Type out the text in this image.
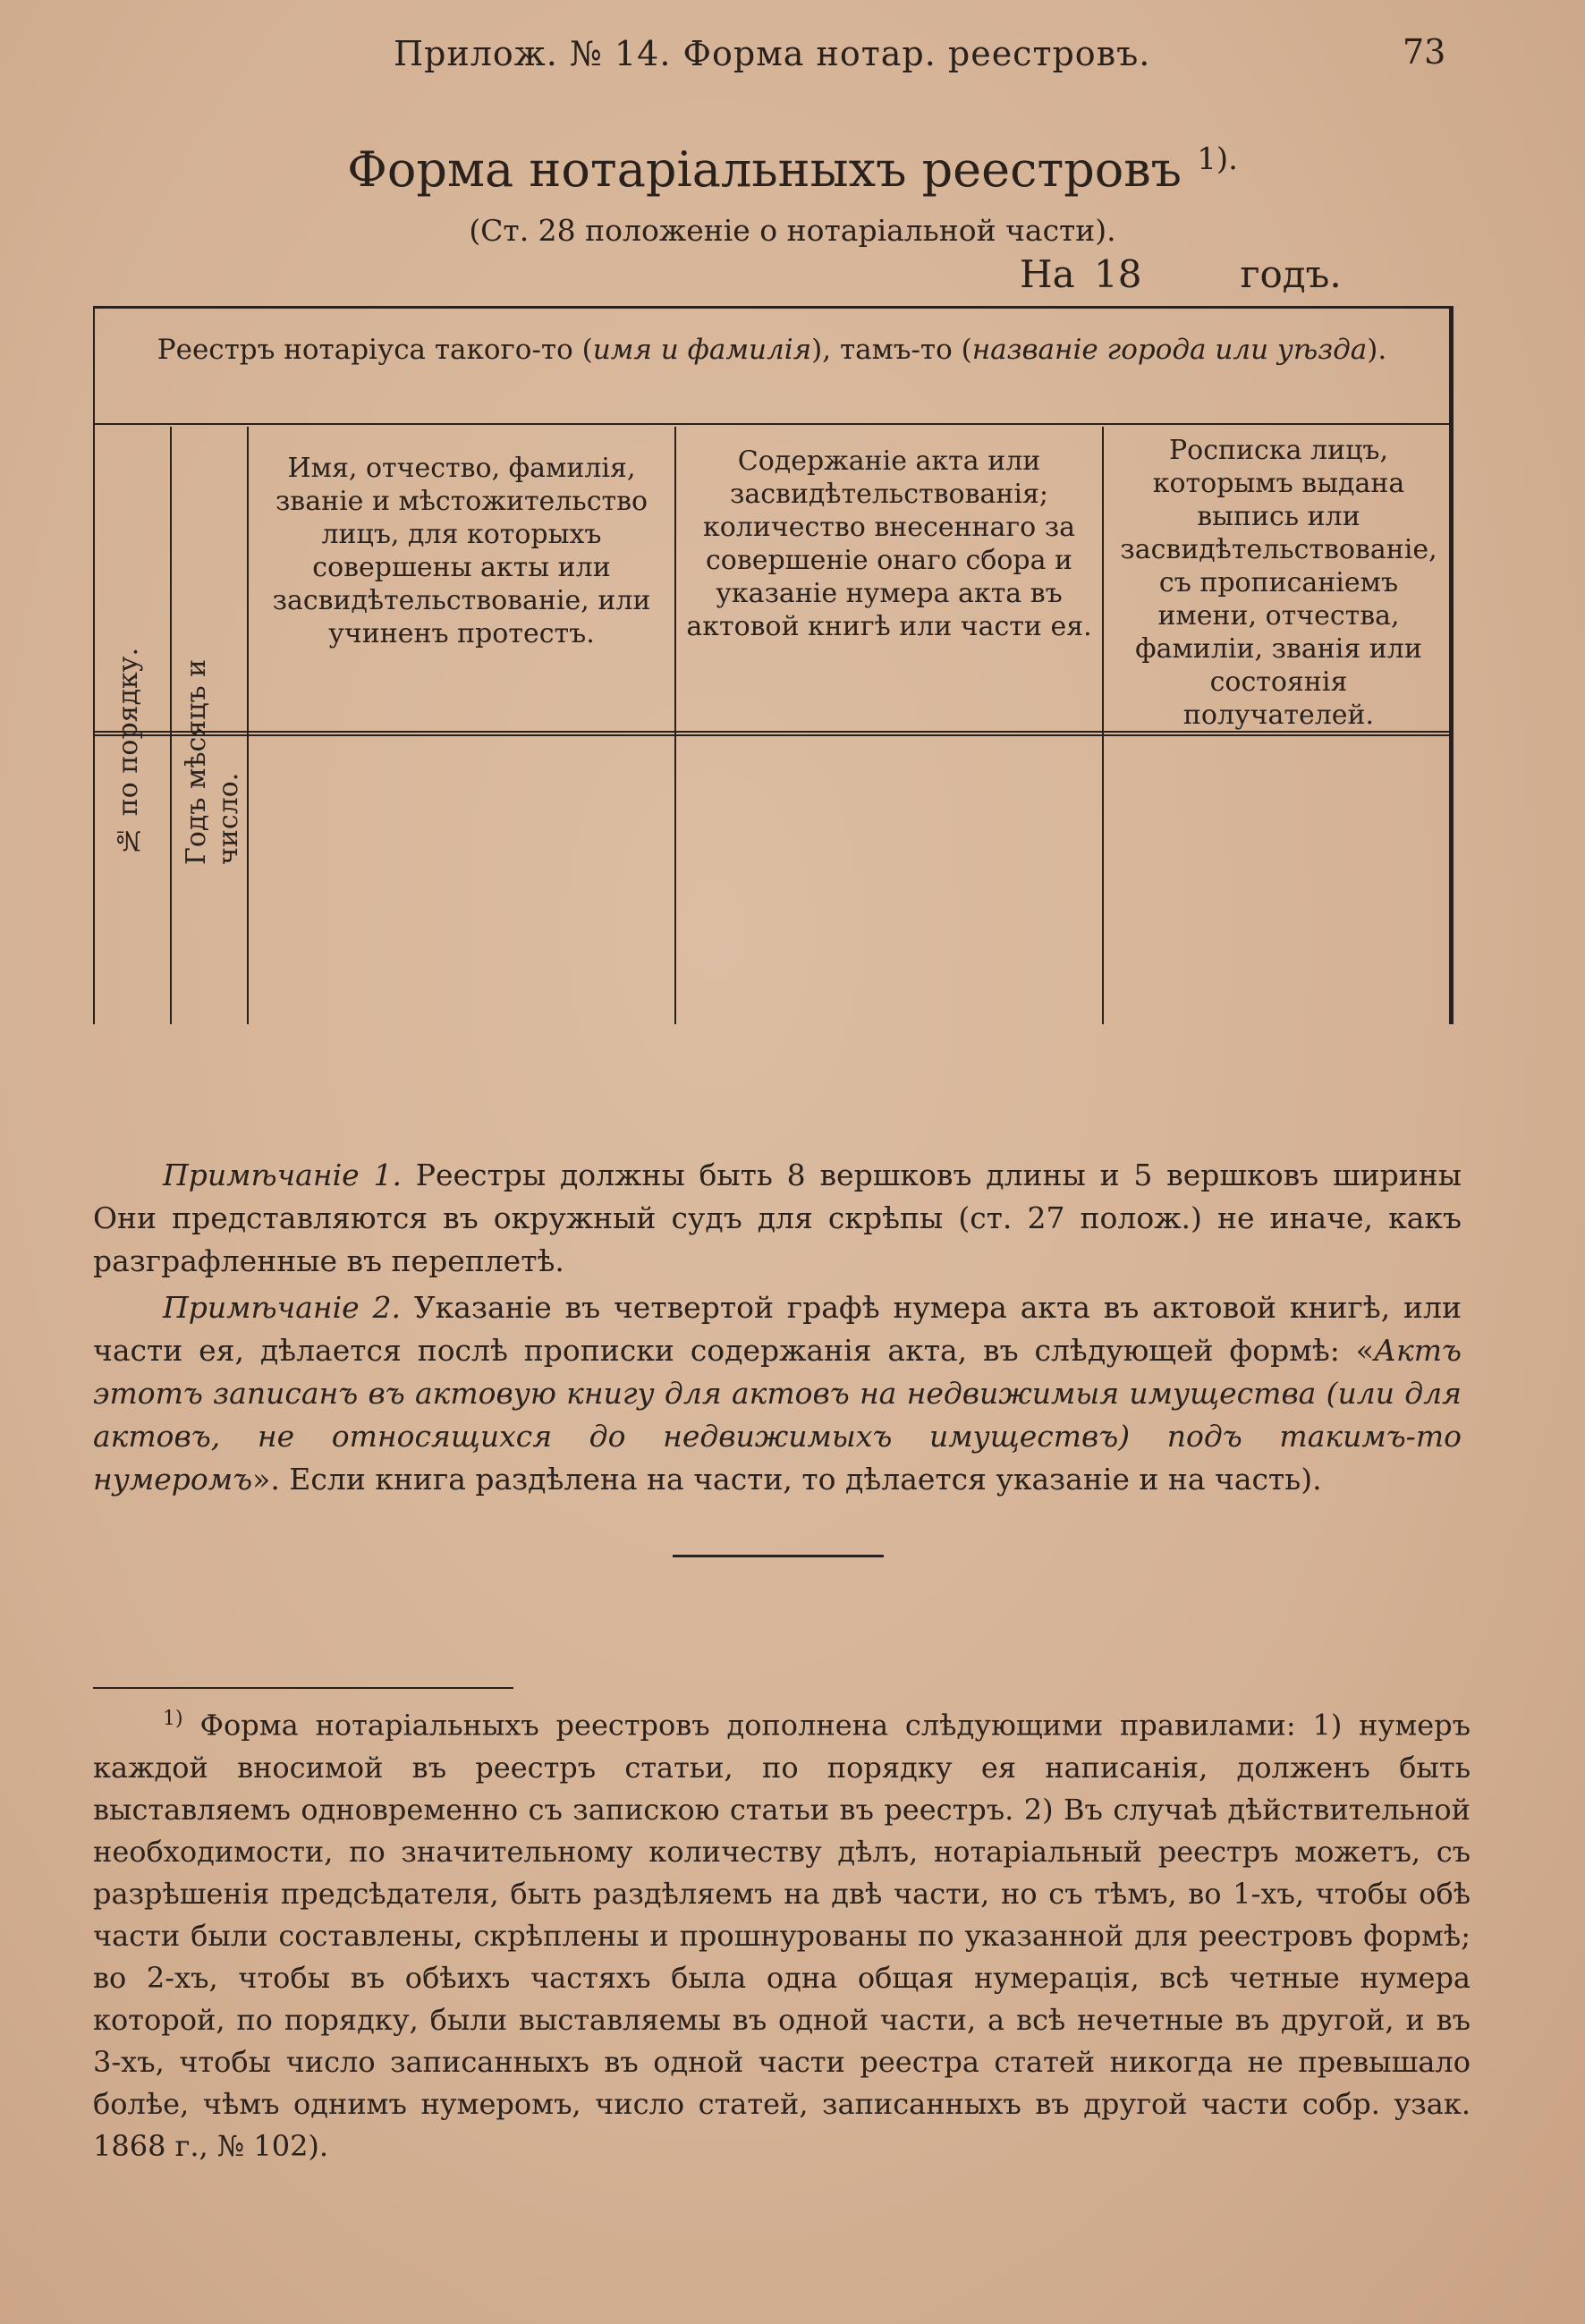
Прилож. № 14. Форма нотар. реестровъ.	73
Форма нотаріальныхъ реестровъ $^{1).}$
(Ст. 28 положеніе о нотаріальной части).
На 18	годъ.
Реестръ нотаріуса такого-то (имя и фамилія), тамъ-то (названіе города или уѣзда).
№ по порядку. Годъ мѣсяцъ и число.
Имя, отчество, фамилія, званіе и мѣстожительство лицъ, для которыхъ совершены акты или засвидѣтельствованіе, или учиненъ протестъ.
Содержаніе акта или засвидѣтельствованія; количество внесеннаго за совершеніе онаго сбора и указаніе нумера акта въ актовой книгѣ или части ея.
Росписка лицъ, которымъ выдана выпись или засвидѣтельствованіе, съ прописаніемъ имени, отчества, фамиліи, званія или состоянія получателей.

Примѣчаніе 1. Реестры должны быть 8 вершковъ длины и 5 вершковъ ширины Они представляются въ окружный судъ для скрѣпы (ст. 27 полож.) не иначе, какъ разграфленные въ переплетѣ.

Примѣчаніе 2. Указаніе въ четвертой графѣ нумера акта въ актовой книгѣ, или части ея, дѣлается послѣ прописки содержанія акта, въ слѣдующей формѣ: «Актъ этотъ записанъ въ актовую книгу для актовъ на недвижимыя имущества (или для актовъ, не относящихся до недвижимыхъ имуществъ) подъ такимъ-то нумеромъ». Если книга раздѣлена на части, то дѣлается указаніе и на часть).

$^{1)}$ Форма нотаріальныхъ реестровъ дополнена слѣдующими правилами: 1) нумеръ каждой вносимой въ реестръ статьи, по порядку ея написанія, долженъ быть выставляемъ одновременно съ запискою статьи въ реестръ. 2) Въ случаѣ дѣйствительной необходимости, по значительному количеству дѣлъ, нотаріальный реестръ можетъ, съ разрѣшенія предсѣдателя, быть раздѣляемъ на двѣ части, но съ тѣмъ, во 1-хъ, чтобы обѣ части были составлены, скрѣплены и прошнурованы по указанной для реестровъ формѣ; во 2-хъ, чтобы въ обѣихъ частяхъ была одна общая нумерація, всѣ четные нумера которой, по порядку, были выставляемы въ одной части, а всѣ нечетные въ другой, и въ 3-хъ, чтобы число записанныхъ въ одной части реестра статей никогда не превышало болѣе, чѣмъ однимъ нумеромъ, число статей, записанныхъ въ другой части собр. узак. 1868 г., № 102).
